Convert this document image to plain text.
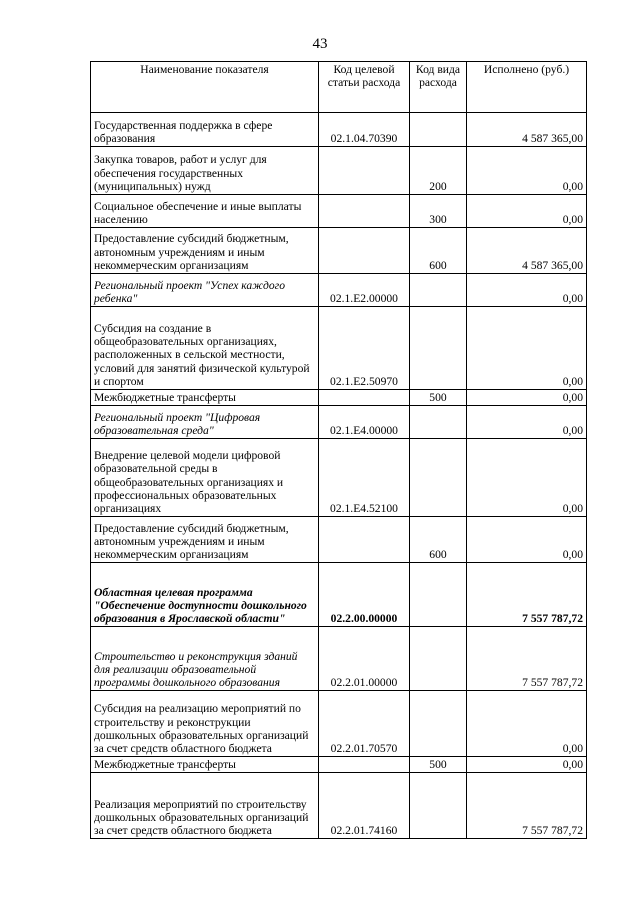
43
Наименование показателя	Код целевой статьи расхода	Код вида расхода	Исполнено (руб.)
Государственная поддержка в сфере образования	02.1.04.70390		4 587 365,00
Закупка товаров, работ и услуг для обеспечения государственных (муниципальных) нужд		200	0,00
Социальное обеспечение и иные выплаты населению		300	0,00
Предоставление субсидий бюджетным, автономным учреждениям и иным некоммерческим организациям		600	4 587 365,00
Региональный проект "Успех каждого ребенка"	02.1.Е2.00000		0,00
Субсидия на создание в общеобразовательных организациях, расположенных в сельской местности, условий для занятий физической культурой и спортом	02.1.Е2.50970		0,00
Межбюджетные трансферты		500	0,00
Региональный проект "Цифровая образовательная среда"	02.1.Е4.00000		0,00
Внедрение целевой модели цифровой образовательной среды в общеобразовательных организациях и профессиональных образовательных организациях	02.1.Е4.52100		0,00
Предоставление субсидий бюджетным, автономным учреждениям и иным некоммерческим организациям		600	0,00
Областная целевая программа "Обеспечение доступности дошкольного образования в Ярославской области"	02.2.00.00000		7 557 787,72
Строительство и реконструкция зданий для реализации образовательной программы дошкольного образования	02.2.01.00000		7 557 787,72
Субсидия на реализацию мероприятий по строительству и реконструкции дошкольных образовательных организаций за счет средств областного бюджета	02.2.01.70570		0,00
Межбюджетные трансферты		500	0,00
Реализация мероприятий по строительству дошкольных образовательных организаций за счет средств областного бюджета	02.2.01.74160		7 557 787,72
